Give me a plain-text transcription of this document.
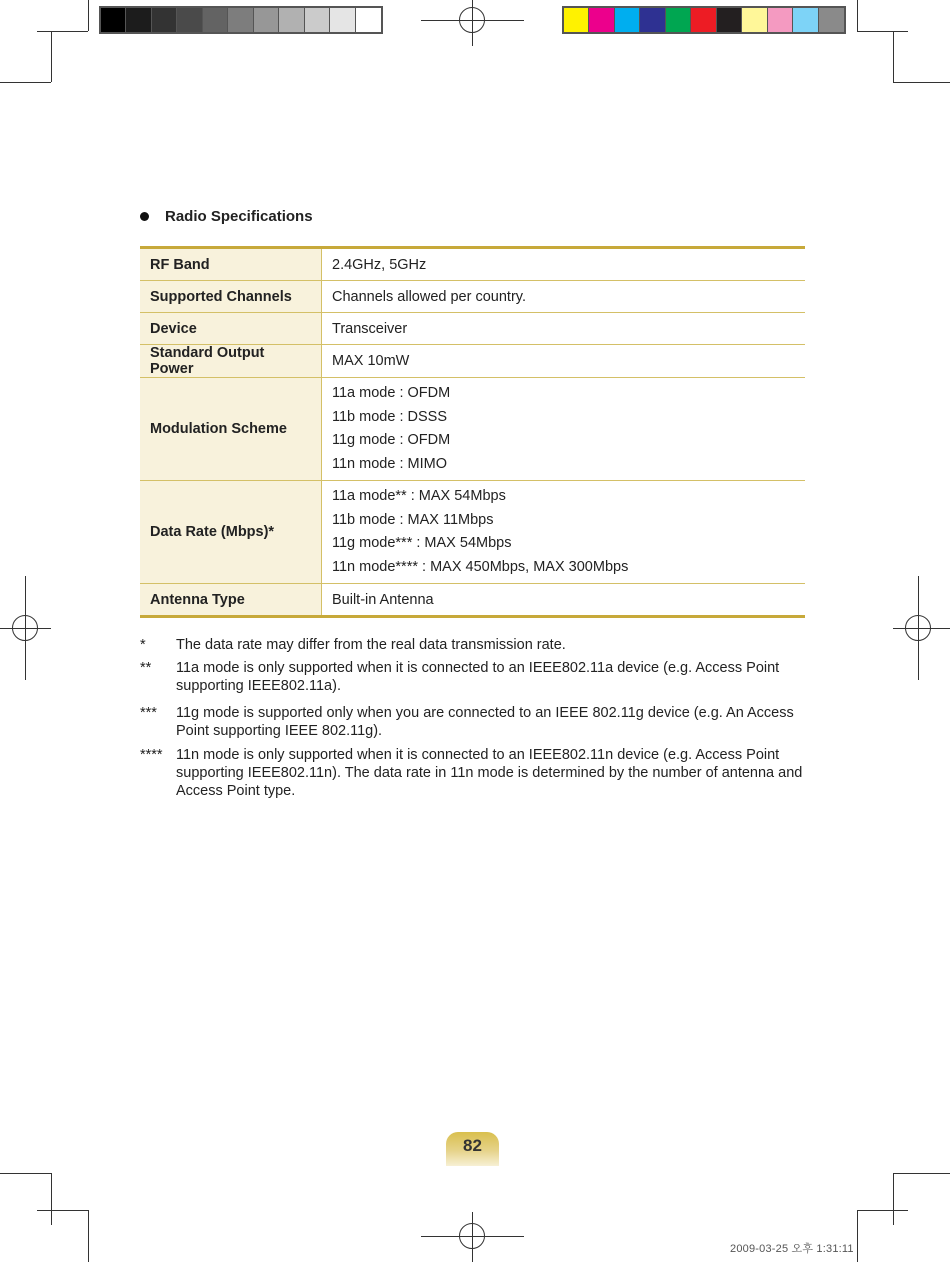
Radio Specifications
RF Band	2.4GHz, 5GHz
Supported Channels	Channels allowed per country.
Device	Transceiver
Standard Output Power	MAX 10mW
Modulation Scheme	11a mode : OFDM
11b mode : DSSS
11g mode : OFDM
11n mode : MIMO

Data Rate (Mbps)*	11a mode** : MAX 54Mbps
11b mode : MAX 11Mbps
11g mode*** : MAX 54Mbps
11n mode**** : MAX 450Mbps, MAX 300Mbps

Antenna Type	Built-in Antenna
*	The data rate may differ from the real data transmission rate.
**	11a mode is only supported when it is connected to an IEEE802.11a device (e.g. Access Point supporting IEEE802.11a).
***	11g mode is supported only when you are connected to an IEEE 802.11g device (e.g. An Access Point supporting IEEE 802.11g).
**** 11n mode is only supported when it is connected to an IEEE802.11n device (e.g. Access Point supporting IEEE802.11n). The data rate in 11n mode is determined by the number of antenna and Access Point type.
82
2009-03-25 오후 1:31:11
